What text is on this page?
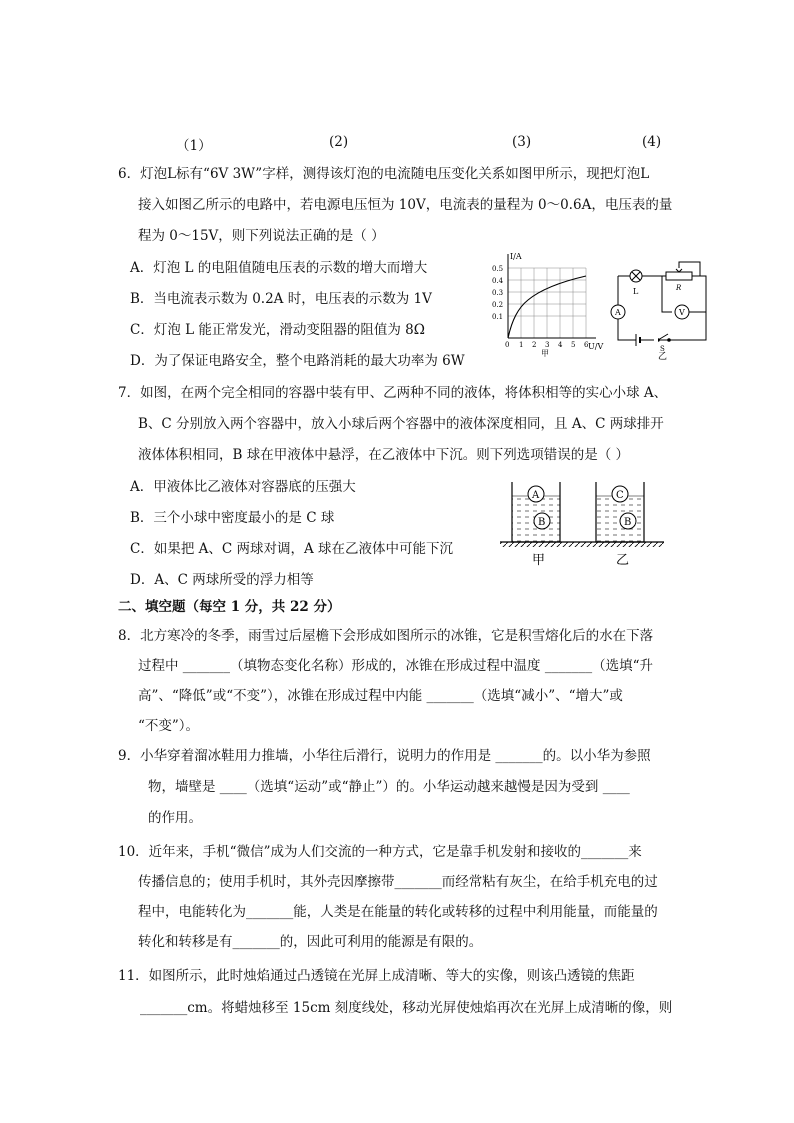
（1）	(2)	(3)	(4)
6．灯泡L标有“6V 3W”字样，测得该灯泡的电流随电压变化关系如图甲所示，现把灯泡L
接入如图乙所示的电路中，若电源电压恒为 10V，电流表的量程为 0～0.6A，电压表的量
程为 0～15V，则下列说法正确的是（ ）
A．灯泡 L 的电阻值随电压表的示数的增大而增大
B．当电流表示数为 0.2A 时，电压表的示数为 1V
C．灯泡 L 能正常发光，滑动变阻器的阻值为 8Ω
D．为了保证电路安全，整个电路消耗的最大功率为 6W
I/A
U/V
0.5
0.4
0.3
0.2
0.1
0 1 2 3 4 5 6
甲
A	V
L	R
S
乙
7．如图，在两个完全相同的容器中装有甲、乙两种不同的液体，将体积相等的实心小球 A、
B、C 分别放入两个容器中，放入小球后两个容器中的液体深度相同，且 A、C 两球排开
液体体积相同，B 球在甲液体中悬浮，在乙液体中下沉。则下列选项错误的是（ ）
A．甲液体比乙液体对容器底的压强大
B．三个小球中密度最小的是 C 球
C．如果把 A、C 两球对调，A 球在乙液体中可能下沉
D．A、C 两球所受的浮力相等
A
B
C
B
甲	乙
二、填空题（每空 1 分，共 22 分）
8．北方寒冷的冬季，雨雪过后屋檐下会形成如图所示的冰锥，它是积雪熔化后的水在下落
过程中 _______（填物态变化名称）形成的，冰锥在形成过程中温度 _______（选填“升
高”、“降低”或“不变”），冰锥在形成过程中内能 _______（选填“减小”、“增大”或
“不变”）。
9．小华穿着溜冰鞋用力推墙，小华往后滑行，说明力的作用是 _______的。以小华为参照
物，墙壁是 ____（选填“运动”或“静止”）的。小华运动越来越慢是因为受到 ____
的作用。
10．近年来，手机“微信”成为人们交流的一种方式，它是靠手机发射和接收的_______来
传播信息的；使用手机时，其外壳因摩擦带_______而经常粘有灰尘，在给手机充电的过
程中，电能转化为_______能，人类是在能量的转化或转移的过程中利用能量，而能量的
转化和转移是有_______的，因此可利用的能源是有限的。
11．如图所示，此时烛焰通过凸透镜在光屏上成清晰、等大的实像，则该凸透镜的焦距
_______cm。将蜡烛移至 15cm 刻度线处，移动光屏使烛焰再次在光屏上成清晰的像，则
